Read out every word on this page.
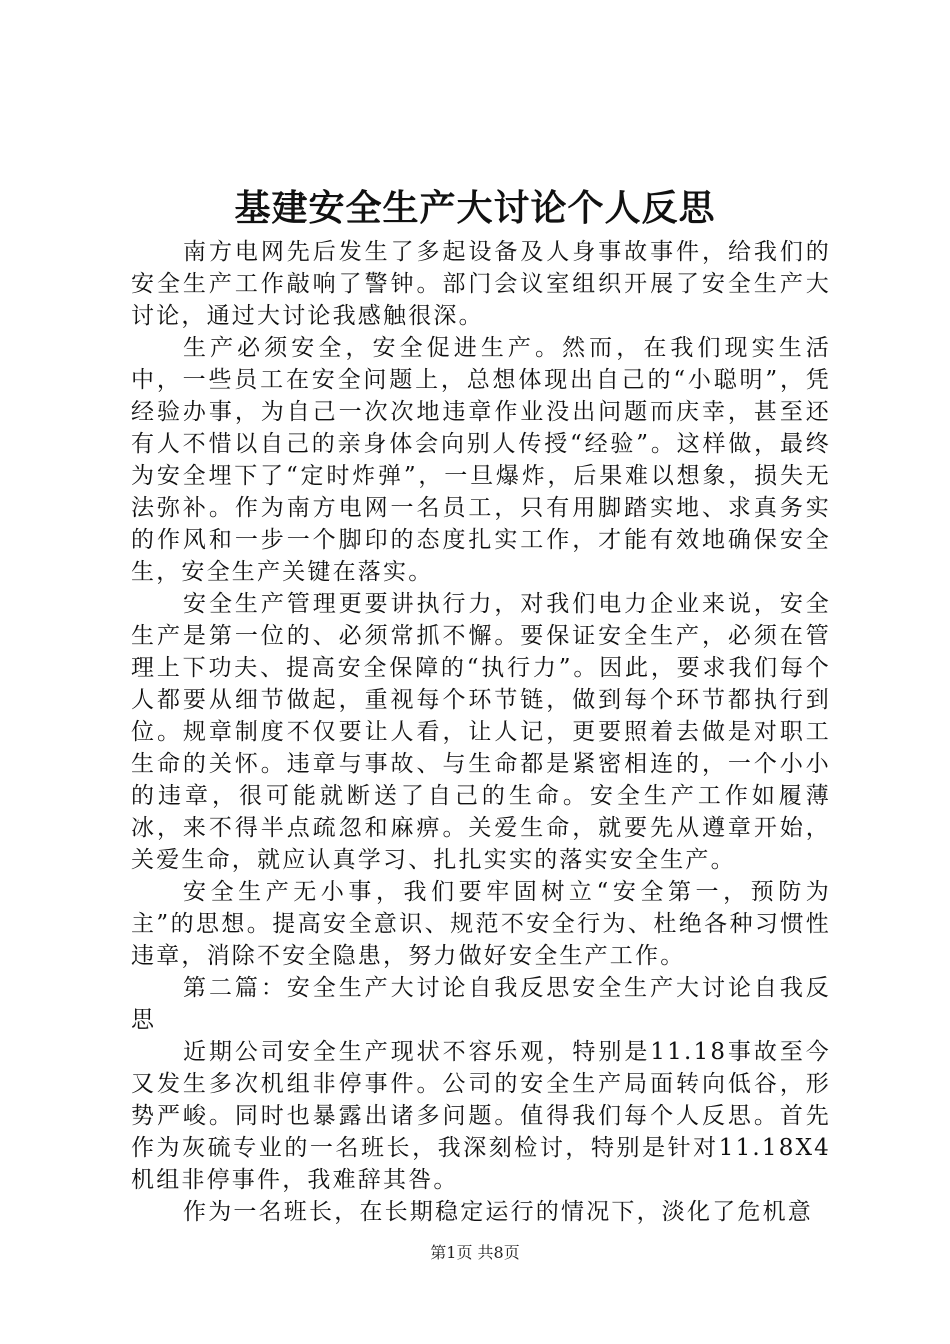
基建安全生产大讨论个人反思

南方电网先后发生了多起设备及人身事故事件，给我们的安全生产工作敲响了警钟。部门会议室组织开展了安全生产大讨论，通过大讨论我感触很深。

生产必须安全，安全促进生产。然而，在我们现实生活中，一些员工在安全问题上，总想体现出自己的“小聪明”，凭经验办事，为自己一次次地违章作业没出问题而庆幸，甚至还有人不惜以自己的亲身体会向别人传授“经验”。这样做，最终为安全埋下了“定时炸弹”，一旦爆炸，后果难以想象，损失无法弥补。作为南方电网一名员工，只有用脚踏实地、求真务实的作风和一步一个脚印的态度扎实工作，才能有效地确保安全生，安全生产关键在落实。

安全生产管理更要讲执行力，对我们电力企业来说，安全生产是第一位的、必须常抓不懈。要保证安全生产，必须在管理上下功夫、提高安全保障的“执行力”。因此，要求我们每个人都要从细节做起，重视每个环节链，做到每个环节都执行到位。规章制度不仅要让人看，让人记，更要照着去做是对职工生命的关怀。违章与事故、与生命都是紧密相连的，一个小小的违章，很可能就断送了自己的生命。安全生产工作如履薄冰，来不得半点疏忽和麻痹。关爱生命，就要先从遵章开始，关爱生命，就应认真学习、扎扎实实的落实安全生产。

安全生产无小事，我们要牢固树立“安全第一，预防为主”的思想。提高安全意识、规范不安全行为、杜绝各种习惯性违章，消除不安全隐患，努力做好安全生产工作。

第二篇：安全生产大讨论自我反思安全生产大讨论自我反思

近期公司安全生产现状不容乐观，特别是11.18事故至今又发生多次机组非停事件。公司的安全生产局面转向低谷，形势严峻。同时也暴露出诸多问题。值得我们每个人反思。首先作为灰硫专业的一名班长，我深刻检讨，特别是针对11.18X4机组非停事件，我难辞其咎。

作为一名班长，在长期稳定运行的情况下，淡化了危机意

第1页 共8页
